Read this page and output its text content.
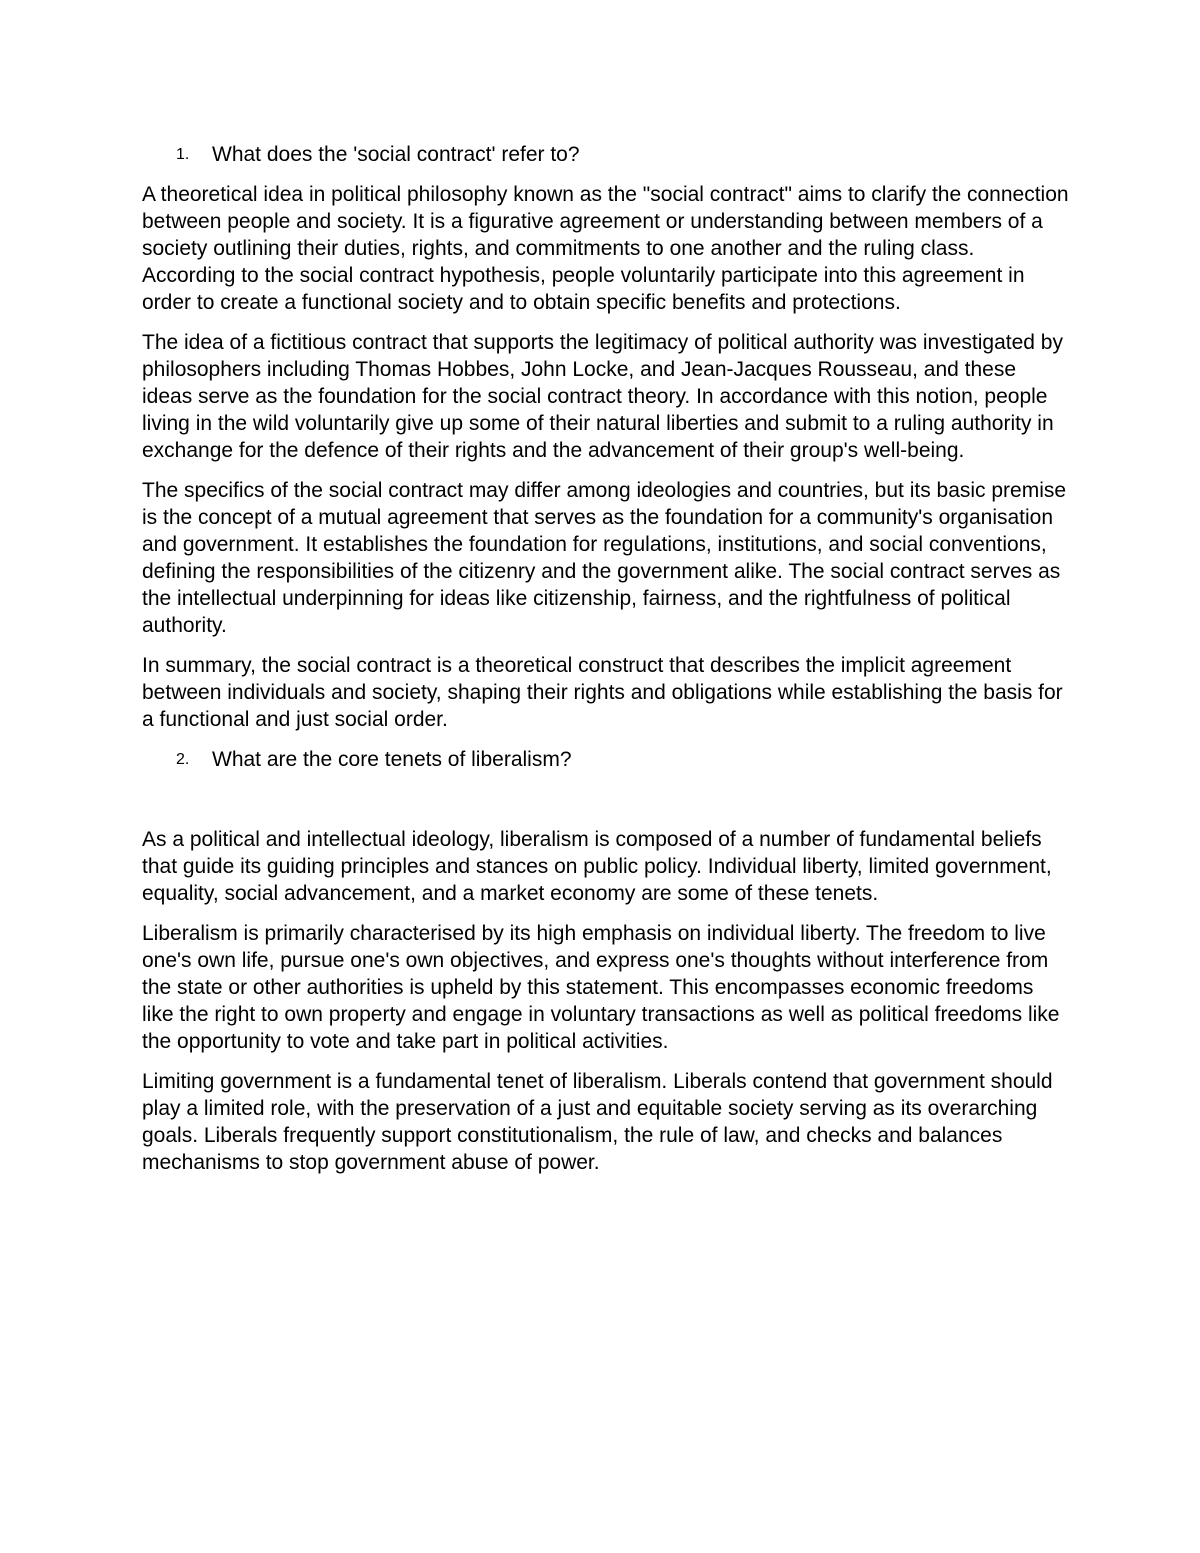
1. What does the 'social contract' refer to?

A theoretical idea in political philosophy known as the "social contract" aims to clarify the connection between people and society. It is a figurative agreement or understanding between members of a society outlining their duties, rights, and commitments to one another and the ruling class. According to the social contract hypothesis, people voluntarily participate into this agreement in order to create a functional society and to obtain specific benefits and protections.

The idea of a fictitious contract that supports the legitimacy of political authority was investigated by philosophers including Thomas Hobbes, John Locke, and Jean-Jacques Rousseau, and these ideas serve as the foundation for the social contract theory. In accordance with this notion, people living in the wild voluntarily give up some of their natural liberties and submit to a ruling authority in exchange for the defence of their rights and the advancement of their group's well-being.

The specifics of the social contract may differ among ideologies and countries, but its basic premise is the concept of a mutual agreement that serves as the foundation for a community's organisation and government. It establishes the foundation for regulations, institutions, and social conventions, defining the responsibilities of the citizenry and the government alike. The social contract serves as the intellectual underpinning for ideas like citizenship, fairness, and the rightfulness of political authority.

In summary, the social contract is a theoretical construct that describes the implicit agreement between individuals and society, shaping their rights and obligations while establishing the basis for a functional and just social order.

2. What are the core tenets of liberalism?

As a political and intellectual ideology, liberalism is composed of a number of fundamental beliefs that guide its guiding principles and stances on public policy. Individual liberty, limited government, equality, social advancement, and a market economy are some of these tenets.

Liberalism is primarily characterised by its high emphasis on individual liberty. The freedom to live one's own life, pursue one's own objectives, and express one's thoughts without interference from the state or other authorities is upheld by this statement. This encompasses economic freedoms like the right to own property and engage in voluntary transactions as well as political freedoms like the opportunity to vote and take part in political activities.

Limiting government is a fundamental tenet of liberalism. Liberals contend that government should play a limited role, with the preservation of a just and equitable society serving as its overarching goals. Liberals frequently support constitutionalism, the rule of law, and checks and balances mechanisms to stop government abuse of power.
